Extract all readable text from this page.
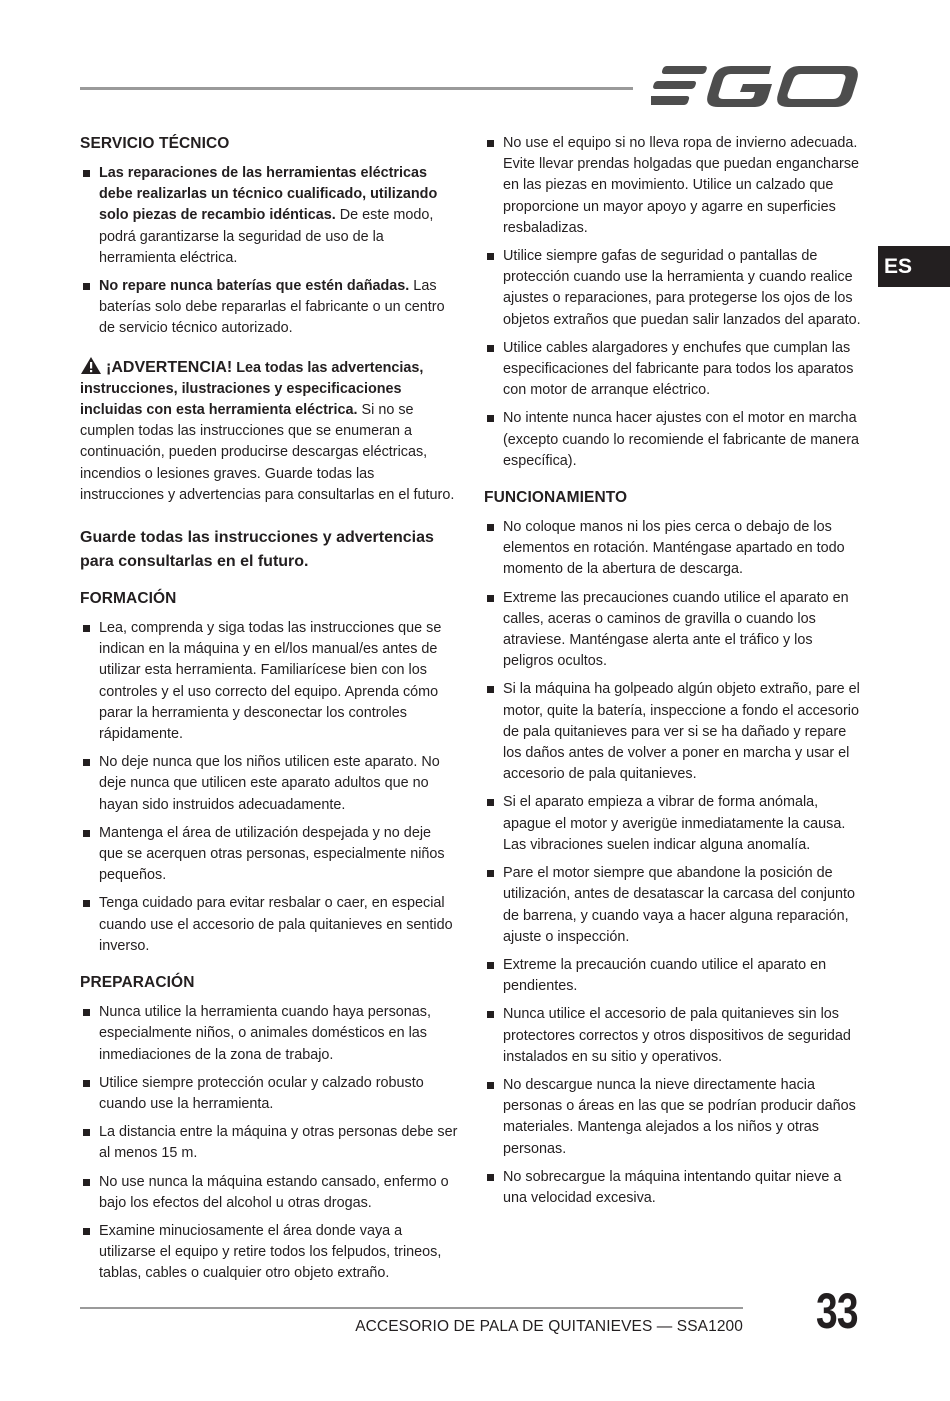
ES
SERVICIO TÉCNICO
Las reparaciones de las herramientas eléctricas debe realizarlas un técnico cualificado, utilizando solo piezas de recambio idénticas. De este modo, podrá garantizarse la seguridad de uso de la herramienta eléctrica.
No repare nunca baterías que estén dañadas. Las baterías solo debe repararlas el fabricante o un centro de servicio técnico autorizado.

¡ADVERTENCIA! Lea todas las advertencias, instrucciones, ilustraciones y especificaciones incluidas con esta herramienta eléctrica. Si no se cumplen todas las instrucciones que se enumeran a continuación, pueden producirse descargas eléctricas, incendios o lesiones graves. Guarde todas las instrucciones y advertencias para consultarlas en el futuro.

Guarde todas las instrucciones y advertencias para consultarlas en el futuro.
FORMACIÓN
Lea, comprenda y siga todas las instrucciones que se indican en la máquina y en el/los manual/es antes de utilizar esta herramienta. Familiarícese bien con los controles y el uso correcto del equipo. Aprenda cómo parar la herramienta y desconectar los controles rápidamente.
No deje nunca que los niños utilicen este aparato. No deje nunca que utilicen este aparato adultos que no hayan sido instruidos adecuadamente.
Mantenga el área de utilización despejada y no deje que se acerquen otras personas, especialmente niños pequeños.
Tenga cuidado para evitar resbalar o caer, en especial cuando use el accesorio de pala quitanieves en sentido inverso.
PREPARACIÓN
Nunca utilice la herramienta cuando haya personas, especialmente niños, o animales domésticos en las inmediaciones de la zona de trabajo.
Utilice siempre protección ocular y calzado robusto cuando use la herramienta.
La distancia entre la máquina y otras personas debe ser al menos 15 m.
No use nunca la máquina estando cansado, enfermo o bajo los efectos del alcohol u otras drogas.
Examine minuciosamente el área donde vaya a utilizarse el equipo y retire todos los felpudos, trineos, tablas, cables o cualquier otro objeto extraño.
No use el equipo si no lleva ropa de invierno adecuada. Evite llevar prendas holgadas que puedan engancharse en las piezas en movimiento. Utilice un calzado que proporcione un mayor apoyo y agarre en superficies resbaladizas.
Utilice siempre gafas de seguridad o pantallas de protección cuando use la herramienta y cuando realice ajustes o reparaciones, para protegerse los ojos de los objetos extraños que puedan salir lanzados del aparato.
Utilice cables alargadores y enchufes que cumplan las especificaciones del fabricante para todos los aparatos con motor de arranque eléctrico.
No intente nunca hacer ajustes con el motor en marcha (excepto cuando lo recomiende el fabricante de manera específica).
FUNCIONAMIENTO
No coloque manos ni los pies cerca o debajo de los elementos en rotación. Manténgase apartado en todo momento de la abertura de descarga.
Extreme las precauciones cuando utilice el aparato en calles, aceras o caminos de gravilla o cuando los atraviese. Manténgase alerta ante el tráfico y los peligros ocultos.
Si la máquina ha golpeado algún objeto extraño, pare el motor, quite la batería, inspeccione a fondo el accesorio de pala quitanieves para ver si se ha dañado y repare los daños antes de volver a poner en marcha y usar el accesorio de pala quitanieves.
Si el aparato empieza a vibrar de forma anómala, apague el motor y averigüe inmediatamente la causa. Las vibraciones suelen indicar alguna anomalía.
Pare el motor siempre que abandone la posición de utilización, antes de desatascar la carcasa del conjunto de barrena, y cuando vaya a hacer alguna reparación, ajuste o inspección.
Extreme la precaución cuando utilice el aparato en pendientes.
Nunca utilice el accesorio de pala quitanieves sin los protectores correctos y otros dispositivos de seguridad instalados en su sitio y operativos.
No descargue nunca la nieve directamente hacia personas o áreas en las que se podrían producir daños materiales. Mantenga alejados a los niños y otras personas.
No sobrecargue la máquina intentando quitar nieve a una velocidad excesiva.
ACCESORIO DE PALA DE QUITANIEVES — SSA1200 33
